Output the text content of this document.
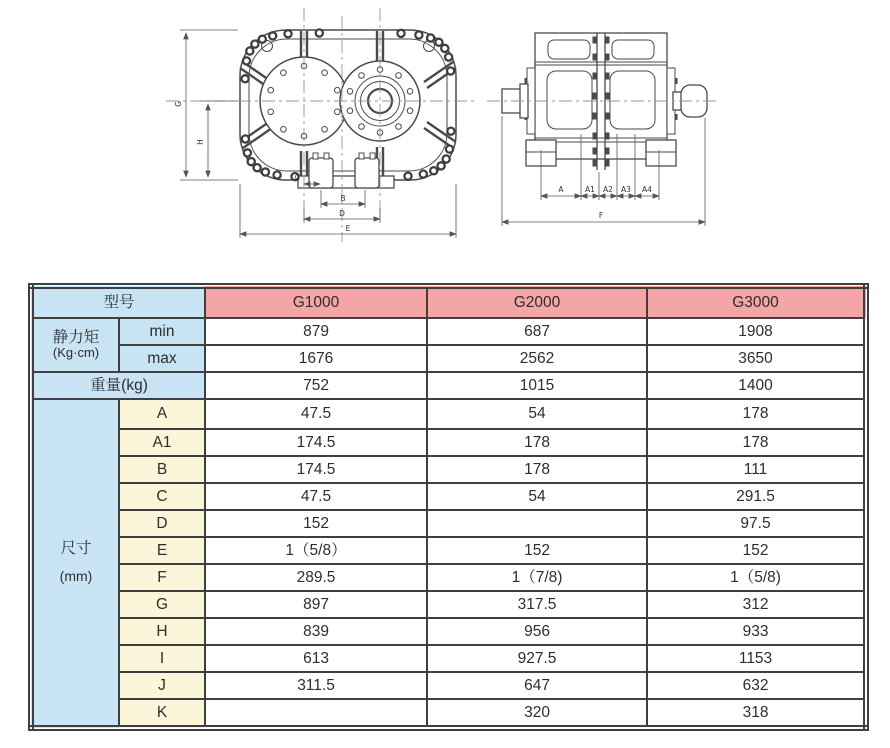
G
H
C
B
D
E
A	A1 A2 A3 A4
F
型号		G1000	G2000	G3000

静力矩
(Kg·cm)	min	879	687	1908
	max	1676	2562	3650
重量(kg)		752	1015	1400

尺寸
(mm)	A	47.5	54	178
	A1	174.5	178	178
	B	174.5	178	111
	C	47.5	54	291.5
	D	152		97.5
	E	1（5/8）	152	152
	F	289.5	1（7/8)	1（5/8)
	G	897	317.5	312
	H	839	956	933
	I	613	927.5	1153
	J	311.5	647	632
	K		320	318
